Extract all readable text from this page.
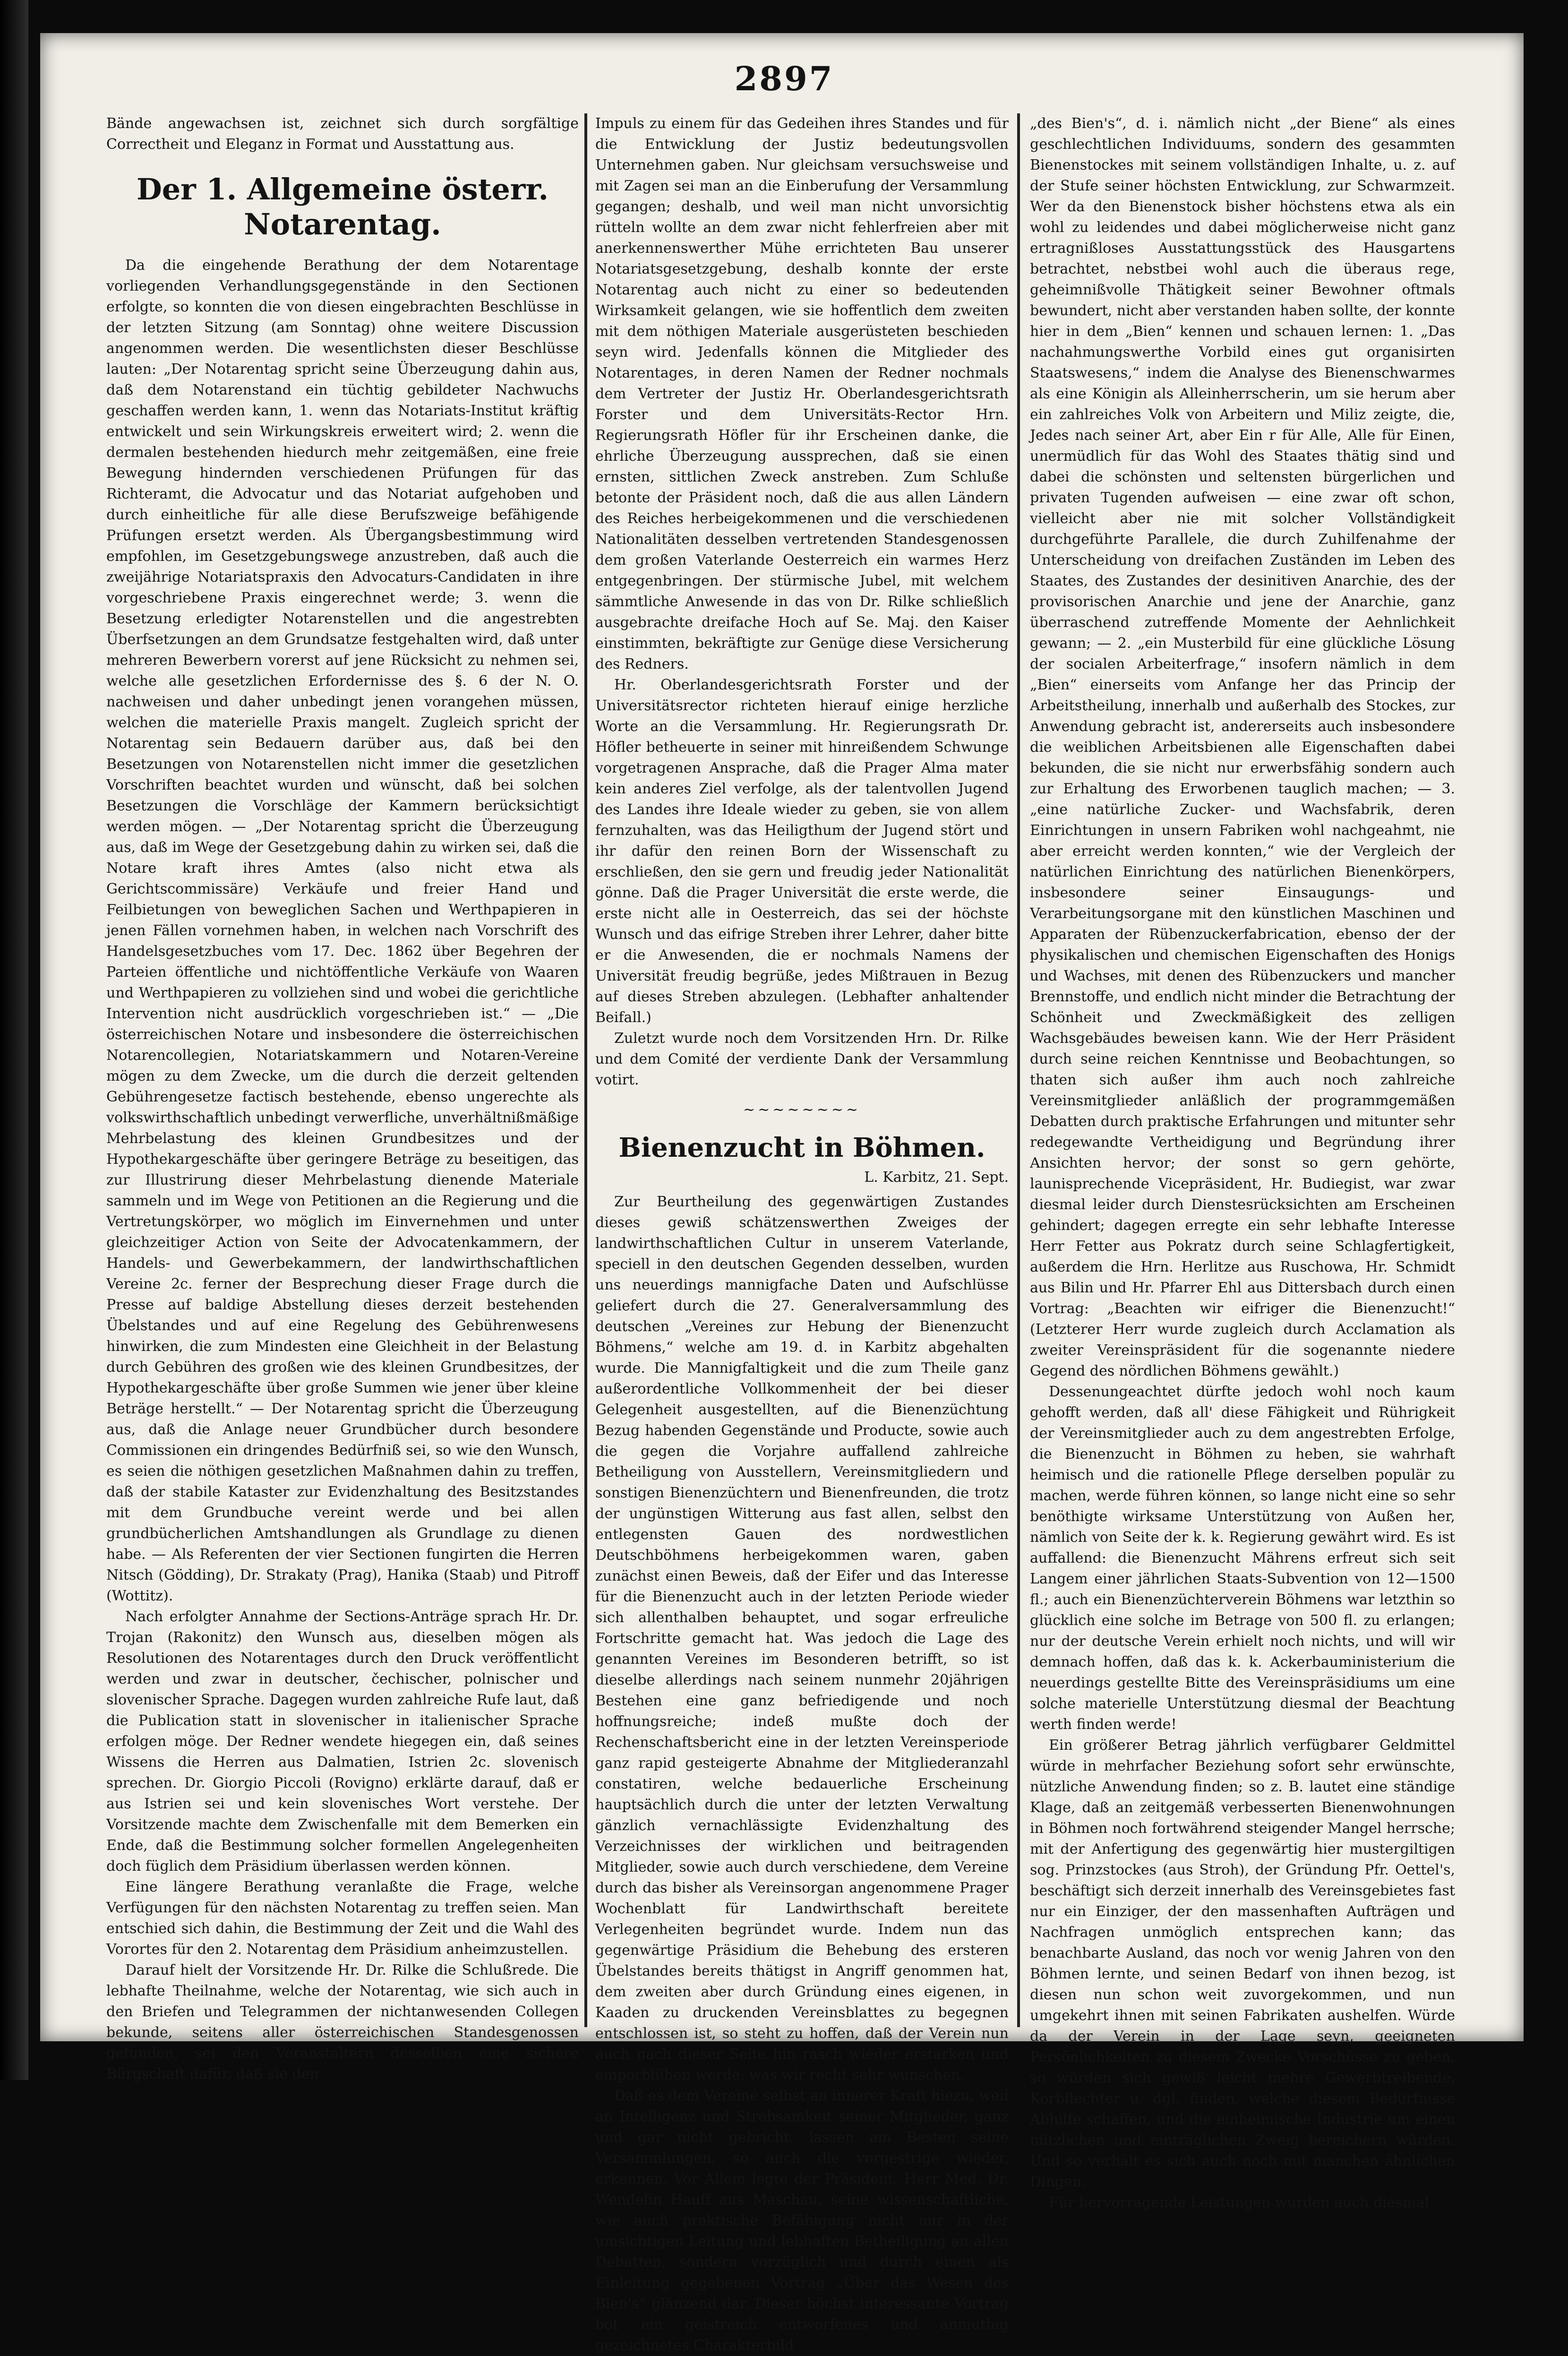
2897

Bände angewachsen ist, zeichnet sich durch sorgfältige Correctheit und Eleganz in Format und Ausstattung aus.

Der 1. Allgemeine österr. Notarentag.

Da die eingehende Berathung der dem Notarentage vorliegenden Verhandlungsgegenstände in den Sectionen erfolgte, so konnten die von diesen eingebrachten Beschlüsse in der letzten Sitzung (am Sonntag) ohne weitere Discussion angenommen werden. Die wesentlichsten dieser Beschlüsse lauten: „Der Notarentag spricht seine Überzeugung dahin aus, daß dem Notarenstand ein tüchtig gebildeter Nachwuchs geschaffen werden kann, 1. wenn das Notariats-Institut kräftig entwickelt und sein Wirkungskreis erweitert wird; 2. wenn die dermalen bestehenden hiedurch mehr zeitgemäßen, eine freie Bewegung hindernden verschiedenen Prüfungen für das Richteramt, die Advocatur und das Notariat aufgehoben und durch einheitliche für alle diese Berufszweige befähigende Prüfungen ersetzt werden. Als Übergangsbestimmung wird empfohlen, im Gesetzgebungswege anzustreben, daß auch die zweijährige Notariatspraxis den Advocaturs-Candidaten in ihre vorgeschriebene Praxis eingerechnet werde; 3. wenn die Besetzung erledigter Notarenstellen und die angestrebten Überfsetzungen an dem Grundsatze festgehalten wird, daß unter mehreren Bewerbern vorerst auf jene Rücksicht zu nehmen sei, welche alle gesetzlichen Erfordernisse des §. 6 der N. O. nachweisen und daher unbedingt jenen vorangehen müssen, welchen die materielle Praxis mangelt. Zugleich spricht der Notarentag sein Bedauern darüber aus, daß bei den Besetzungen von Notarenstellen nicht immer die gesetzlichen Vorschriften beachtet wurden und wünscht, daß bei solchen Besetzungen die Vorschläge der Kammern berücksichtigt werden mögen. — „Der Notarentag spricht die Überzeugung aus, daß im Wege der Gesetzgebung dahin zu wirken sei, daß die Notare kraft ihres Amtes (also nicht etwa als Gerichtscommissäre) Verkäufe und freier Hand und Feilbietungen von beweglichen Sachen und Werthpapieren in jenen Fällen vornehmen haben, in welchen nach Vorschrift des Handelsgesetzbuches vom 17. Dec. 1862 über Begehren der Parteien öffentliche und nichtöffentliche Verkäufe von Waaren und Werthpapieren zu vollziehen sind und wobei die gerichtliche Intervention nicht ausdrücklich vorgeschrieben ist.“ — „Die österreichischen Notare und insbesondere die österreichischen Notarencollegien, Notariatskammern und Notaren-Vereine mögen zu dem Zwecke, um die durch die derzeit geltenden Gebührengesetze factisch bestehende, ebenso ungerechte als volkswirthschaftlich unbedingt verwerfliche, unverhältnißmäßige Mehrbelastung des kleinen Grundbesitzes und der Hypothekargeschäfte über geringere Beträge zu beseitigen, das zur Illustrirung dieser Mehrbelastung dienende Materiale sammeln und im Wege von Petitionen an die Regierung und die Vertretungskörper, wo möglich im Einvernehmen und unter gleichzeitiger Action von Seite der Advocatenkammern, der Handels- und Gewerbekammern, der landwirthschaftlichen Vereine 2c. ferner der Besprechung dieser Frage durch die Presse auf baldige Abstellung dieses derzeit bestehenden Übelstandes und auf eine Regelung des Gebührenwesens hinwirken, die zum Mindesten eine Gleichheit in der Belastung durch Gebühren des großen wie des kleinen Grundbesitzes, der Hypothekargeschäfte über große Summen wie jener über kleine Beträge herstellt.“ — Der Notarentag spricht die Überzeugung aus, daß die Anlage neuer Grundbücher durch besondere Commissionen ein dringendes Bedürfniß sei, so wie den Wunsch, es seien die nöthigen gesetzlichen Maßnahmen dahin zu treffen, daß der stabile Kataster zur Evidenzhaltung des Besitzstandes mit dem Grundbuche vereint werde und bei allen grundbücherlichen Amtshandlungen als Grundlage zu dienen habe. — Als Referenten der vier Sectionen fungirten die Herren Nitsch (Gödding), Dr. Strakaty (Prag), Hanika (Staab) und Pitroff (Wottitz).

Nach erfolgter Annahme der Sections-Anträge sprach Hr. Dr. Trojan (Rakonitz) den Wunsch aus, dieselben mögen als Resolutionen des Notarentages durch den Druck veröffentlicht werden und zwar in deutscher, čechischer, polnischer und slovenischer Sprache. Dagegen wurden zahlreiche Rufe laut, daß die Publication statt in slovenischer in italienischer Sprache erfolgen möge. Der Redner wendete hiegegen ein, daß seines Wissens die Herren aus Dalmatien, Istrien 2c. slovenisch sprechen. Dr. Giorgio Piccoli (Rovigno) erklärte darauf, daß er aus Istrien sei und kein slovenisches Wort verstehe. Der Vorsitzende machte dem Zwischenfalle mit dem Bemerken ein Ende, daß die Bestimmung solcher formellen Angelegenheiten doch füglich dem Präsidium überlassen werden können.

Eine längere Berathung veranlaßte die Frage, welche Verfügungen für den nächsten Notarentag zu treffen seien. Man entschied sich dahin, die Bestimmung der Zeit und die Wahl des Vorortes für den 2. Notarentag dem Präsidium anheimzustellen.

Darauf hielt der Vorsitzende Hr. Dr. Rilke die Schlußrede. Die lebhafte Theilnahme, welche der Notarentag, wie sich auch in den Briefen und Telegrammen der nichtanwesenden Collegen bekunde, seitens aller österreichischen Standesgenossen gefunden, sei den Veranstaltern desselben eine sichere Bürgschaft dafür, daß sie den

Impuls zu einem für das Gedeihen ihres Standes und für die Entwicklung der Justiz bedeutungsvollen Unternehmen gaben. Nur gleichsam versuchsweise und mit Zagen sei man an die Einberufung der Versammlung gegangen; deshalb, und weil man nicht unvorsichtig rütteln wollte an dem zwar nicht fehlerfreien aber mit anerkennenswerther Mühe errichteten Bau unserer Notariatsgesetzgebung, deshalb konnte der erste Notarentag auch nicht zu einer so bedeutenden Wirksamkeit gelangen, wie sie hoffentlich dem zweiten mit dem nöthigen Materiale ausgerüsteten beschieden seyn wird. Jedenfalls können die Mitglieder des Notarentages, in deren Namen der Redner nochmals dem Vertreter der Justiz Hr. Oberlandesgerichtsrath Forster und dem Universitäts-Rector Hrn. Regierungsrath Höfler für ihr Erscheinen danke, die ehrliche Überzeugung aussprechen, daß sie einen ernsten, sittlichen Zweck anstreben. Zum Schluße betonte der Präsident noch, daß die aus allen Ländern des Reiches herbeigekommenen und die verschiedenen Nationalitäten desselben vertretenden Standesgenossen dem großen Vaterlande Oesterreich ein warmes Herz entgegenbringen. Der stürmische Jubel, mit welchem sämmtliche Anwesende in das von Dr. Rilke schließlich ausgebrachte dreifache Hoch auf Se. Maj. den Kaiser einstimmten, bekräftigte zur Genüge diese Versicherung des Redners.

Hr. Oberlandesgerichtsrath Forster und der Universitätsrector richteten hierauf einige herzliche Worte an die Versammlung. Hr. Regierungsrath Dr. Höfler betheuerte in seiner mit hinreißendem Schwunge vorgetragenen Ansprache, daß die Prager Alma mater kein anderes Ziel verfolge, als der talentvollen Jugend des Landes ihre Ideale wieder zu geben, sie von allem fernzuhalten, was das Heiligthum der Jugend stört und ihr dafür den reinen Born der Wissenschaft zu erschließen, den sie gern und freudig jeder Nationalität gönne. Daß die Prager Universität die erste werde, die erste nicht alle in Oesterreich, das sei der höchste Wunsch und das eifrige Streben ihrer Lehrer, daher bitte er die Anwesenden, die er nochmals Namens der Universität freudig begrüße, jedes Mißtrauen in Bezug auf dieses Streben abzulegen. (Lebhafter anhaltender Beifall.)

Zuletzt wurde noch dem Vorsitzenden Hrn. Dr. Rilke und dem Comité der verdiente Dank der Versammlung votirt.

~~~~~~~~
Bienenzucht in Böhmen.

L. Karbitz, 21. Sept.

Zur Beurtheilung des gegenwärtigen Zustandes dieses gewiß schätzenswerthen Zweiges der landwirthschaftlichen Cultur in unserem Vaterlande, speciell in den deutschen Gegenden desselben, wurden uns neuerdings mannigfache Daten und Aufschlüsse geliefert durch die 27. Generalversammlung des deutschen „Vereines zur Hebung der Bienenzucht Böhmens,“ welche am 19. d. in Karbitz abgehalten wurde. Die Mannigfaltigkeit und die zum Theile ganz außerordentliche Vollkommenheit der bei dieser Gelegenheit ausgestellten, auf die Bienenzüchtung Bezug habenden Gegenstände und Producte, sowie auch die gegen die Vorjahre auffallend zahlreiche Betheiligung von Ausstellern, Vereinsmitgliedern und sonstigen Bienenzüchtern und Bienenfreunden, die trotz der ungünstigen Witterung aus fast allen, selbst den entlegensten Gauen des nordwestlichen Deutschböhmens herbeigekommen waren, gaben zunächst einen Beweis, daß der Eifer und das Interesse für die Bienenzucht auch in der letzten Periode wieder sich allenthalben behauptet, und sogar erfreuliche Fortschritte gemacht hat. Was jedoch die Lage des genannten Vereines im Besonderen betrifft, so ist dieselbe allerdings nach seinem nunmehr 20jährigen Bestehen eine ganz befriedigende und noch hoffnungsreiche; indeß mußte doch der Rechenschaftsbericht eine in der letzten Vereinsperiode ganz rapid gesteigerte Abnahme der Mitgliederanzahl constatiren, welche bedauerliche Erscheinung hauptsächlich durch die unter der letzten Verwaltung gänzlich vernachlässigte Evidenzhaltung des Verzeichnisses der wirklichen und beitragenden Mitglieder, sowie auch durch verschiedene, dem Vereine durch das bisher als Vereinsorgan angenommene Prager Wochenblatt für Landwirthschaft bereitete Verlegenheiten begründet wurde. Indem nun das gegenwärtige Präsidium die Behebung des ersteren Übelstandes bereits thätigst in Angriff genommen hat, dem zweiten aber durch Gründung eines eigenen, in Kaaden zu druckenden Vereinsblattes zu begegnen entschlossen ist, so steht zu hoffen, daß der Verein nun auch nach dieser Seite hin rasch wieder erstarken und emporblühen werde, was wir recht sehr wünschen.

Daß es dem Vereine selbst an innerer Kraft hiezu, weil an Intelligenz und Strebsamkeit seiner Mitglieder, ganz und gar nicht gebricht, lassen am Besten seine Versammlungen, so auch die vorgestrige wieder, erkennen. Vor Allem legte der Präsident, Herr Med. Dr. Wendelin Hauff aus Maschau, seine wissenschaftliche, wie auch praktische Befähigung nicht nur in der umsichtigen Leitung und lebhaften Betheiligung an allen Debatten, sondern vorzüglich und durch einen als Einleitung gegebenen Vortrag „Über das Wesen des Bien's“ glänzend dar. Dieser höchst interessante Vortrag bot ein geistreich entworfenes und anmuthig gezeichnetes Charakterbild

„des Bien's“, d. i. nämlich nicht „der Biene“ als eines geschlechtlichen Individuums, sondern des gesammten Bienenstockes mit seinem vollständigen Inhalte, u. z. auf der Stufe seiner höchsten Entwicklung, zur Schwarmzeit. Wer da den Bienenstock bisher höchstens etwa als ein wohl zu leidendes und dabei möglicherweise nicht ganz ertragnißloses Ausstattungsstück des Hausgartens betrachtet, nebstbei wohl auch die überaus rege, geheimnißvolle Thätigkeit seiner Bewohner oftmals bewundert, nicht aber verstanden haben sollte, der konnte hier in dem „Bien“ kennen und schauen lernen: 1. „Das nachahmungswerthe Vorbild eines gut organisirten Staatswesens,“ indem die Analyse des Bienenschwarmes als eine Königin als Alleinherrscherin, um sie herum aber ein zahlreiches Volk von Arbeitern und Miliz zeigte, die, Jedes nach seiner Art, aber Ein r für Alle, Alle für Einen, unermüdlich für das Wohl des Staates thätig sind und dabei die schönsten und seltensten bürgerlichen und privaten Tugenden aufweisen — eine zwar oft schon, vielleicht aber nie mit solcher Vollständigkeit durchgeführte Parallele, die durch Zuhilfenahme der Unterscheidung von dreifachen Zuständen im Leben des Staates, des Zustandes der desinitiven Anarchie, des der provisorischen Anarchie und jene der Anarchie, ganz überraschend zutreffende Momente der Aehnlichkeit gewann; — 2. „ein Musterbild für eine glückliche Lösung der socialen Arbeiterfrage,“ insofern nämlich in dem „Bien“ einerseits vom Anfange her das Princip der Arbeitstheilung, innerhalb und außerhalb des Stockes, zur Anwendung gebracht ist, andererseits auch insbesondere die weiblichen Arbeitsbienen alle Eigenschaften dabei bekunden, die sie nicht nur erwerbsfähig sondern auch zur Erhaltung des Erworbenen tauglich machen; — 3. „eine natürliche Zucker- und Wachsfabrik, deren Einrichtungen in unsern Fabriken wohl nachgeahmt, nie aber erreicht werden konnten,“ wie der Vergleich der natürlichen Einrichtung des natürlichen Bienenkörpers, insbesondere seiner Einsaugungs- und Verarbeitungsorgane mit den künstlichen Maschinen und Apparaten der Rübenzuckerfabrication, ebenso der der physikalischen und chemischen Eigenschaften des Honigs und Wachses, mit denen des Rübenzuckers und mancher Brennstoffe, und endlich nicht minder die Betrachtung der Schönheit und Zweckmäßigkeit des zelligen Wachsgebäudes beweisen kann. Wie der Herr Präsident durch seine reichen Kenntnisse und Beobachtungen, so thaten sich außer ihm auch noch zahlreiche Vereinsmitglieder anläßlich der programmgemäßen Debatten durch praktische Erfahrungen und mitunter sehr redegewandte Vertheidigung und Begründung ihrer Ansichten hervor; der sonst so gern gehörte, launisprechende Vicepräsident, Hr. Budiegist, war zwar diesmal leider durch Dienstesrücksichten am Erscheinen gehindert; dagegen erregte ein sehr lebhafte Interesse Herr Fetter aus Pokratz durch seine Schlagfertigkeit, außerdem die Hrn. Herlitze aus Ruschowa, Hr. Schmidt aus Bilin und Hr. Pfarrer Ehl aus Dittersbach durch einen Vortrag: „Beachten wir eifriger die Bienenzucht!“ (Letzterer Herr wurde zugleich durch Acclamation als zweiter Vereinspräsident für die sogenannte niedere Gegend des nördlichen Böhmens gewählt.)

Dessenungeachtet dürfte jedoch wohl noch kaum gehofft werden, daß all' diese Fähigkeit und Rührigkeit der Vereinsmitglieder auch zu dem angestrebten Erfolge, die Bienenzucht in Böhmen zu heben, sie wahrhaft heimisch und die rationelle Pflege derselben populär zu machen, werde führen können, so lange nicht eine so sehr benöthigte wirksame Unterstützung von Außen her, nämlich von Seite der k. k. Regierung gewährt wird. Es ist auffallend: die Bienenzucht Mährens erfreut sich seit Langem einer jährlichen Staats-Subvention von 12—1500 fl.; auch ein Bienenzüchterverein Böhmens war letzthin so glücklich eine solche im Betrage von 500 fl. zu erlangen; nur der deutsche Verein erhielt noch nichts, und will wir demnach hoffen, daß das k. k. Ackerbauministerium die neuerdings gestellte Bitte des Vereinspräsidiums um eine solche materielle Unterstützung diesmal der Beachtung werth finden werde!

Ein größerer Betrag jährlich verfügbarer Geldmittel würde in mehrfacher Beziehung sofort sehr erwünschte, nützliche Anwendung finden; so z. B. lautet eine ständige Klage, daß an zeitgemäß verbesserten Bienenwohnungen in Böhmen noch fortwährend steigender Mangel herrsche; mit der Anfertigung des gegenwärtig hier mustergiltigen sog. Prinzstockes (aus Stroh), der Gründung Pfr. Oettel's, beschäftigt sich derzeit innerhalb des Vereinsgebietes fast nur ein Einziger, der den massenhaften Aufträgen und Nachfragen unmöglich entsprechen kann; das benachbarte Ausland, das noch vor wenig Jahren von den Böhmen lernte, und seinen Bedarf von ihnen bezog, ist diesen nun schon weit zuvorgekommen, und nun umgekehrt ihnen mit seinen Fabrikaten aushelfen. Würde da der Verein in der Lage seyn, geeigneten Persönlichkeiten zu diesem Zwecke Vorschüsse zu geben, so würden sich gewiß leicht mehre Gewerbtreibende, Korbflechter u. dgl. finden, welche diesem Bedürfnisse Abhilfe schaffen, und die einheimische Industrie um einen nützlichen und einträglichen Zweig bereichern würden. Und so verhält es sich auch noch mit manchen ähnlichen Dingen.

Für hervorragende Leistungen wurden auch diesmal
